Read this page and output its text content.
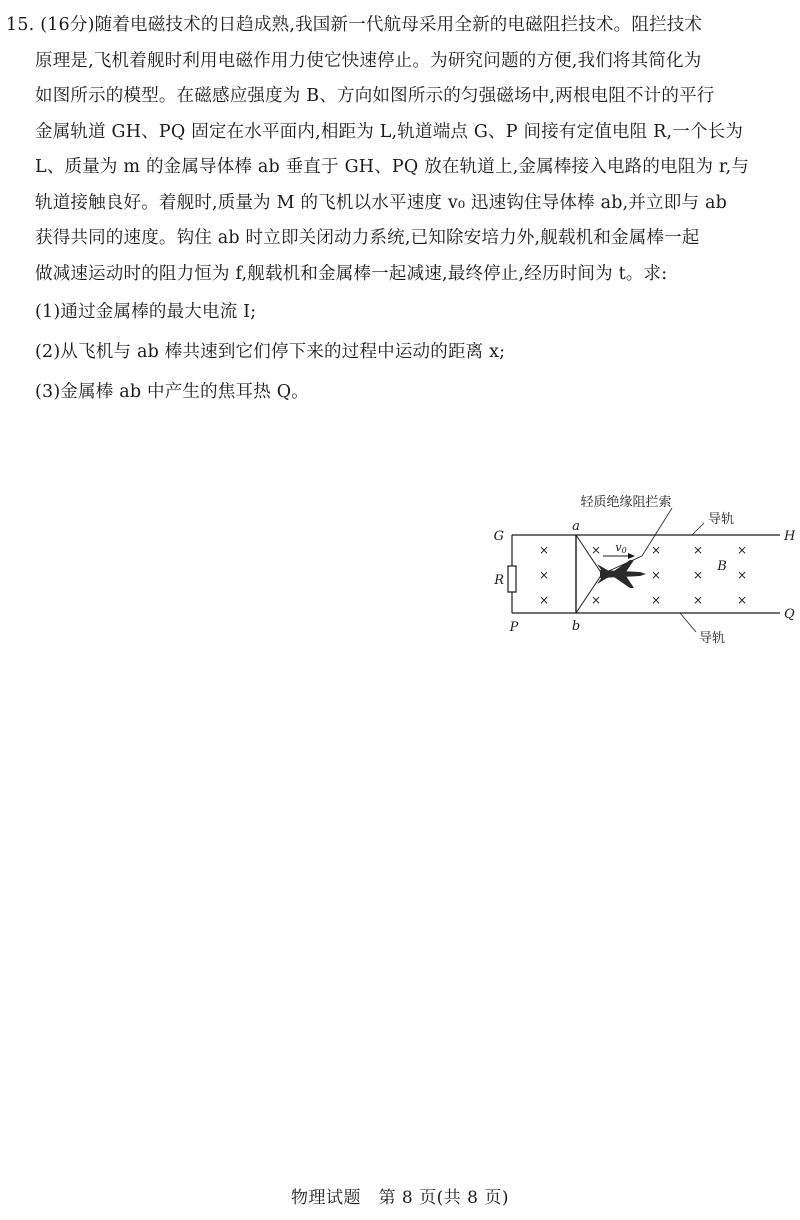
15. (16分)随着电磁技术的日趋成熟,我国新一代航母采用全新的电磁阻拦技术。阻拦技术
原理是,飞机着舰时利用电磁作用力使它快速停止。为研究问题的方便,我们将其简化为
如图所示的模型。在磁感应强度为 B、方向如图所示的匀强磁场中,两根电阻不计的平行
金属轨道 GH、PQ 固定在水平面内,相距为 L,轨道端点 G、P 间接有定值电阻 R,一个长为
L、质量为 m 的金属导体棒 ab 垂直于 GH、PQ 放在轨道上,金属棒接入电路的电阻为 r,与
轨道接触良好。着舰时,质量为 M 的飞机以水平速度 v₀ 迅速钩住导体棒 ab,并立即与 ab
获得共同的速度。钩住 ab 时立即关闭动力系统,已知除安培力外,舰载机和金属棒一起
做减速运动时的阻力恒为 f,舰载机和金属棒一起减速,最终停止,经历时间为 t。求:
(1)通过金属棒的最大电流 I;
(2)从飞机与 ab 棒共速到它们停下来的过程中运动的距离 x;
(3)金属棒 ab 中产生的焦耳热 Q。
×
×
×
×
×
×
×
×
×
×
×
×
×
×
轻质绝缘阻拦索
导轨
导轨
G	H
P
Q
R
a
b
B
v0
物理试题　第 8 页(共 8 页)
